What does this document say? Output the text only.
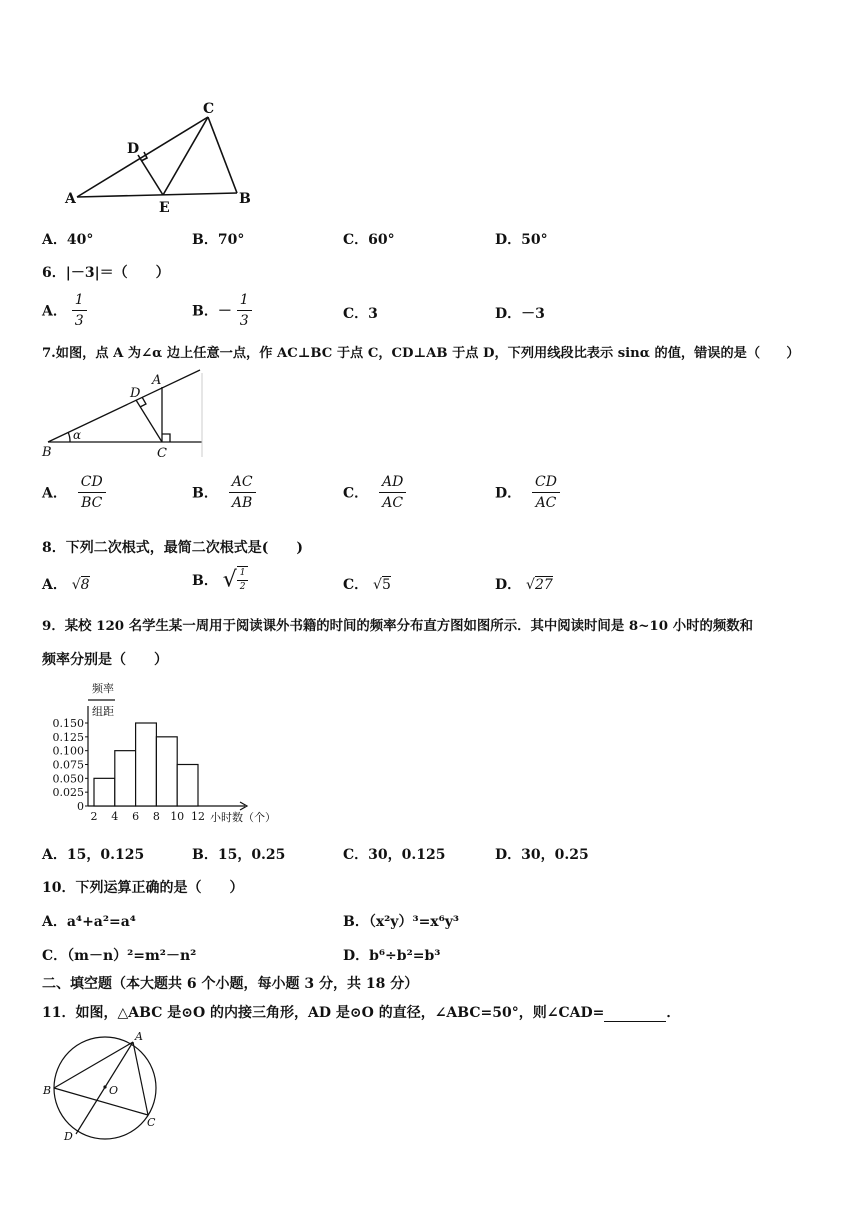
C
D
A
E
B
A．40°	B．70°	C．60°	D．50°
6．|－3|＝（　　）
A． $\frac{1}{3}$	B．－ $\frac{1}{3}$	C．3	D．－3
7.如图，点 A 为∠α 边上任意一点，作 AC⊥BC 于点 C，CD⊥AB 于点 D，下列用线段比表示 sinα 的值，错误的是（　　）
A
D
α
B	C
A． $\frac{CD}{BC}$	B． $\frac{AC}{AB}$	C． $\frac{AD}{AC}$	D． $\frac{CD}{AC}$
8．下列二次根式，最简二次根式是(　　)
A． √8	B． √ $\frac{1}{2}$	C． √5	D． √27
9．某校 120 名学生某一周用于阅读课外书籍的时间的频率分布直方图如图所示．其中阅读时间是 8~10 小时的频数和
频率分别是（　　）
频率
组距
小时数（个）
0
0.025
0.050
0.075
0.100
0.125
0.150
2 4 6 8 10 12
A．15，0.125	B．15，0.25	C．30，0.125	D．30，0.25
10．下列运算正确的是（　　）
A．a⁴+a²=a⁴	B．（x²y）³=x⁶y³
C．（m－n）²=m²－n²	D．b⁶÷b²=b³
二、填空题（本大题共 6 个小题，每小题 3 分，共 18 分）
11．如图，△ABC 是⊙O 的内接三角形，AD 是⊙O 的直径，∠ABC=50°，则∠CAD=	．
A
B	O
C
D
